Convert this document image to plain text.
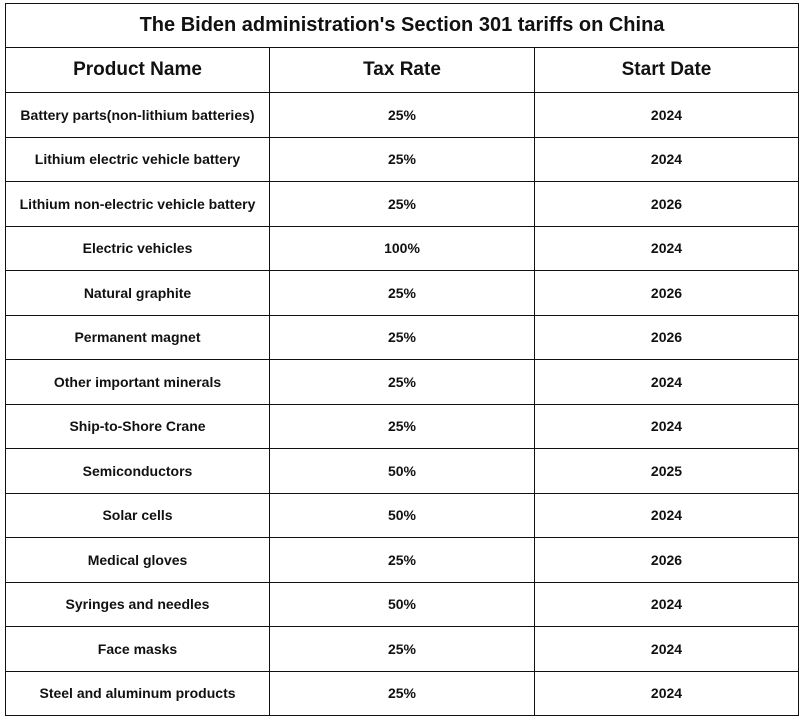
The Biden administration's Section 301 tariffs on China		
Product Name	Tax Rate	Start Date
Battery parts(non-lithium batteries)	25%	2024
Lithium electric vehicle battery	25%	2024
Lithium non-electric vehicle battery	25%	2026
Electric vehicles	100%	2024
Natural graphite	25%	2026
Permanent magnet	25%	2026
Other important minerals	25%	2024
Ship-to-Shore Crane	25%	2024
Semiconductors	50%	2025
Solar cells	50%	2024
Medical gloves	25%	2026
Syringes and needles	50%	2024
Face masks	25%	2024
Steel and aluminum products	25%	2024
